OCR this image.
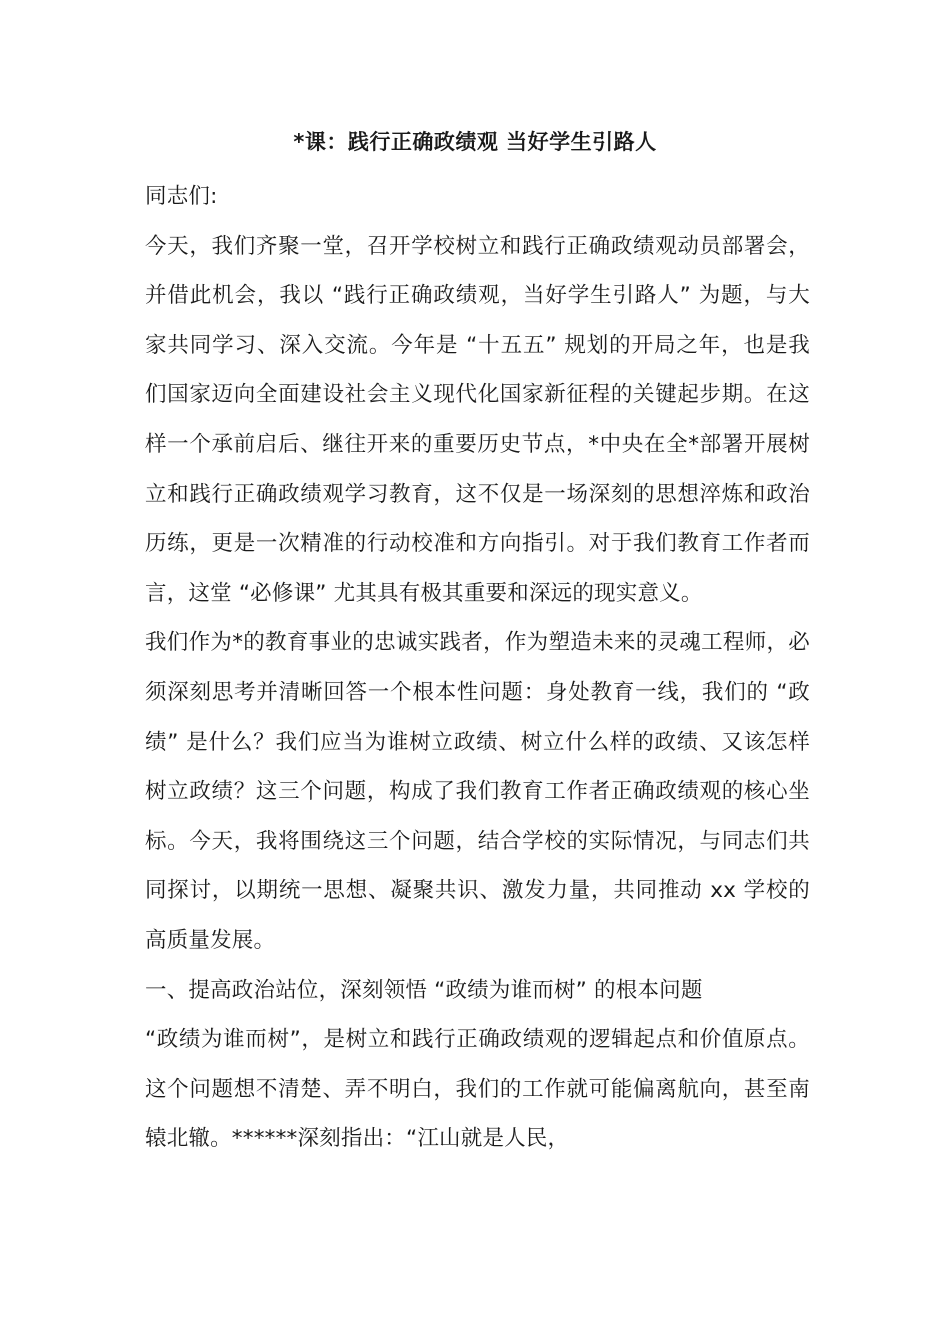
*课：践行正确政绩观 当好学生引路人

同志们:

今天，我们齐聚一堂，召开学校树立和践行正确政绩观动员部署会，并借此机会，我以 “践行正确政绩观，当好学生引路人” 为题，与大家共同学习、深入交流。今年是 “十五五” 规划的开局之年，也是我们国家迈向全面建设社会主义现代化国家新征程的关键起步期。在这样一个承前启后、继往开来的重要历史节点，*中央在全*部署开展树立和践行正确政绩观学习教育，这不仅是一场深刻的思想淬炼和政治历练，更是一次精准的行动校准和方向指引。对于我们教育工作者而言，这堂 “必修课” 尤其具有极其重要和深远的现实意义。

我们作为*的教育事业的忠诚实践者，作为塑造未来的灵魂工程师，必须深刻思考并清晰回答一个根本性问题：身处教育一线，我们的 “政绩” 是什么？我们应当为谁树立政绩、树立什么样的政绩、又该怎样树立政绩？这三个问题，构成了我们教育工作者正确政绩观的核心坐标。今天，我将围绕这三个问题，结合学校的实际情况，与同志们共同探讨，以期统一思想、凝聚共识、激发力量，共同推动 xx 学校的高质量发展。

一、提高政治站位，深刻领悟 “政绩为谁而树” 的根本问题

“政绩为谁而树”，是树立和践行正确政绩观的逻辑起点和价值原点。这个问题想不清楚、弄不明白，我们的工作就可能偏离航向，甚至南辕北辙。******深刻指出：“江山就是人民，
